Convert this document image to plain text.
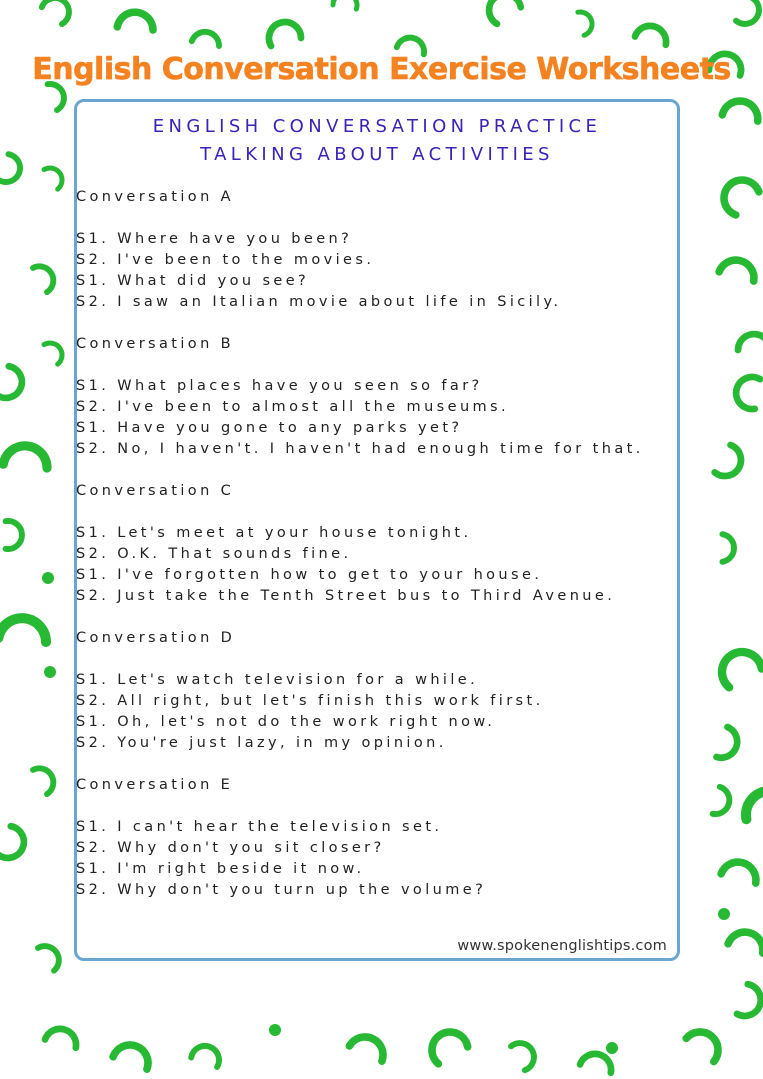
English Conversation Exercise Worksheets
ENGLISH CONVERSATION PRACTICE
TALKING ABOUT ACTIVITIES
www.spokenenglishtips.com
Conversation A
S1. Where have you been?
S2. I've been to the movies.
S1. What did you see?
S2. I saw an Italian movie about life in Sicily.
Conversation B
S1. What places have you seen so far?
S2. I've been to almost all the museums.
S1. Have you gone to any parks yet?
S2. No, I haven't. I haven't had enough time for that.
Conversation C
S1. Let's meet at your house tonight.
S2. O.K. That sounds fine.
S1. I've forgotten how to get to your house.
S2. Just take the Tenth Street bus to Third Avenue.
Conversation D
S1. Let's watch television for a while.
S2. All right, but let's finish this work first.
S1. Oh, let's not do the work right now.
S2. You're just lazy, in my opinion.
Conversation E
S1. I can't hear the television set.
S2. Why don't you sit closer?
S1. I'm right beside it now.
S2. Why don't you turn up the volume?
